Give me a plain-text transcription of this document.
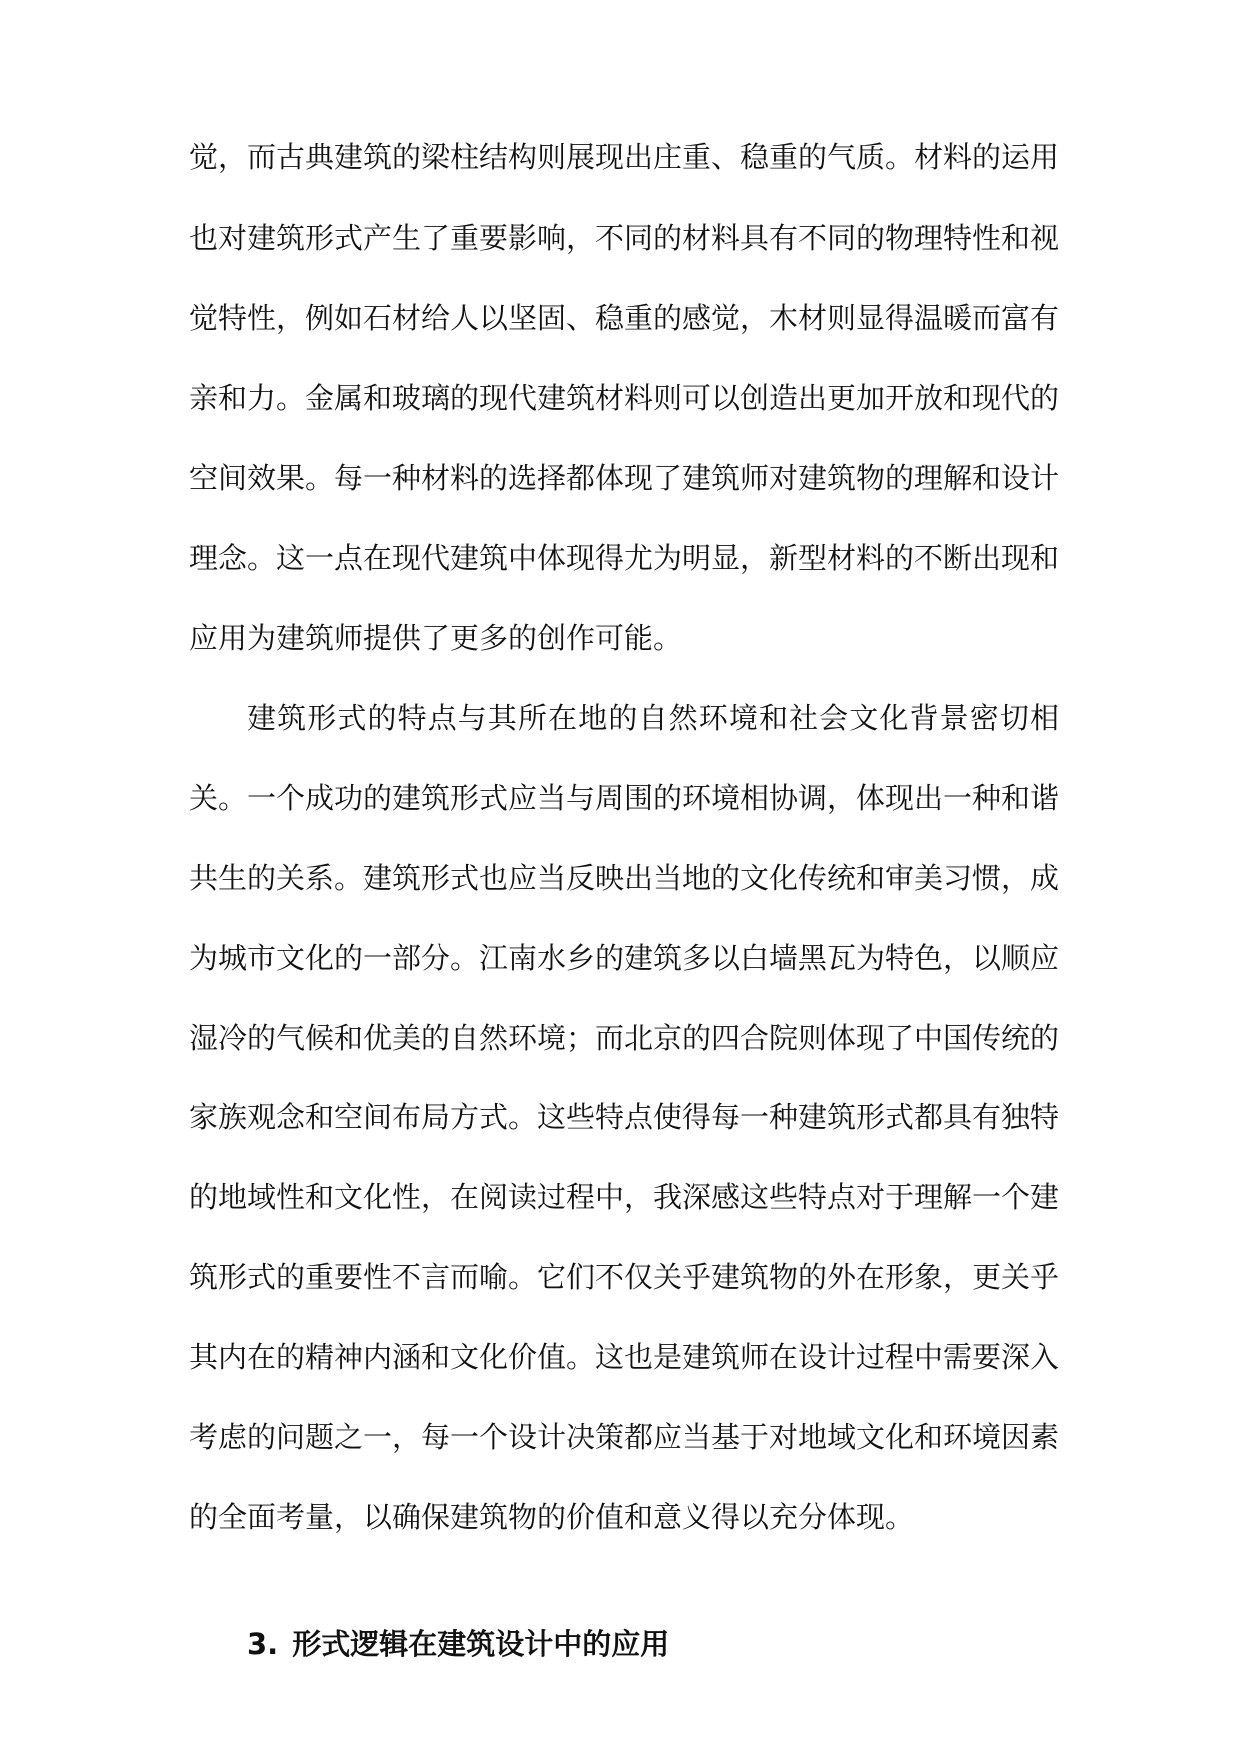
觉，而古典建筑的梁柱结构则展现出庄重、稳重的气质。材料的运用
也对建筑形式产生了重要影响，不同的材料具有不同的物理特性和视
觉特性，例如石材给人以坚固、稳重的感觉，木材则显得温暖而富有
亲和力。金属和玻璃的现代建筑材料则可以创造出更加开放和现代的
空间效果。每一种材料的选择都体现了建筑师对建筑物的理解和设计
理念。这一点在现代建筑中体现得尤为明显，新型材料的不断出现和
应用为建筑师提供了更多的创作可能。
建筑形式的特点与其所在地的自然环境和社会文化背景密切相
关。一个成功的建筑形式应当与周围的环境相协调，体现出一种和谐
共生的关系。建筑形式也应当反映出当地的文化传统和审美习惯，成
为城市文化的一部分。江南水乡的建筑多以白墙黑瓦为特色，以顺应
湿冷的气候和优美的自然环境；而北京的四合院则体现了中国传统的
家族观念和空间布局方式。这些特点使得每一种建筑形式都具有独特
的地域性和文化性，在阅读过程中，我深感这些特点对于理解一个建
筑形式的重要性不言而喻。它们不仅关乎建筑物的外在形象，更关乎
其内在的精神内涵和文化价值。这也是建筑师在设计过程中需要深入
考虑的问题之一，每一个设计决策都应当基于对地域文化和环境因素
的全面考量，以确保建筑物的价值和意义得以充分体现。
3. 形式逻辑在建筑设计中的应用
